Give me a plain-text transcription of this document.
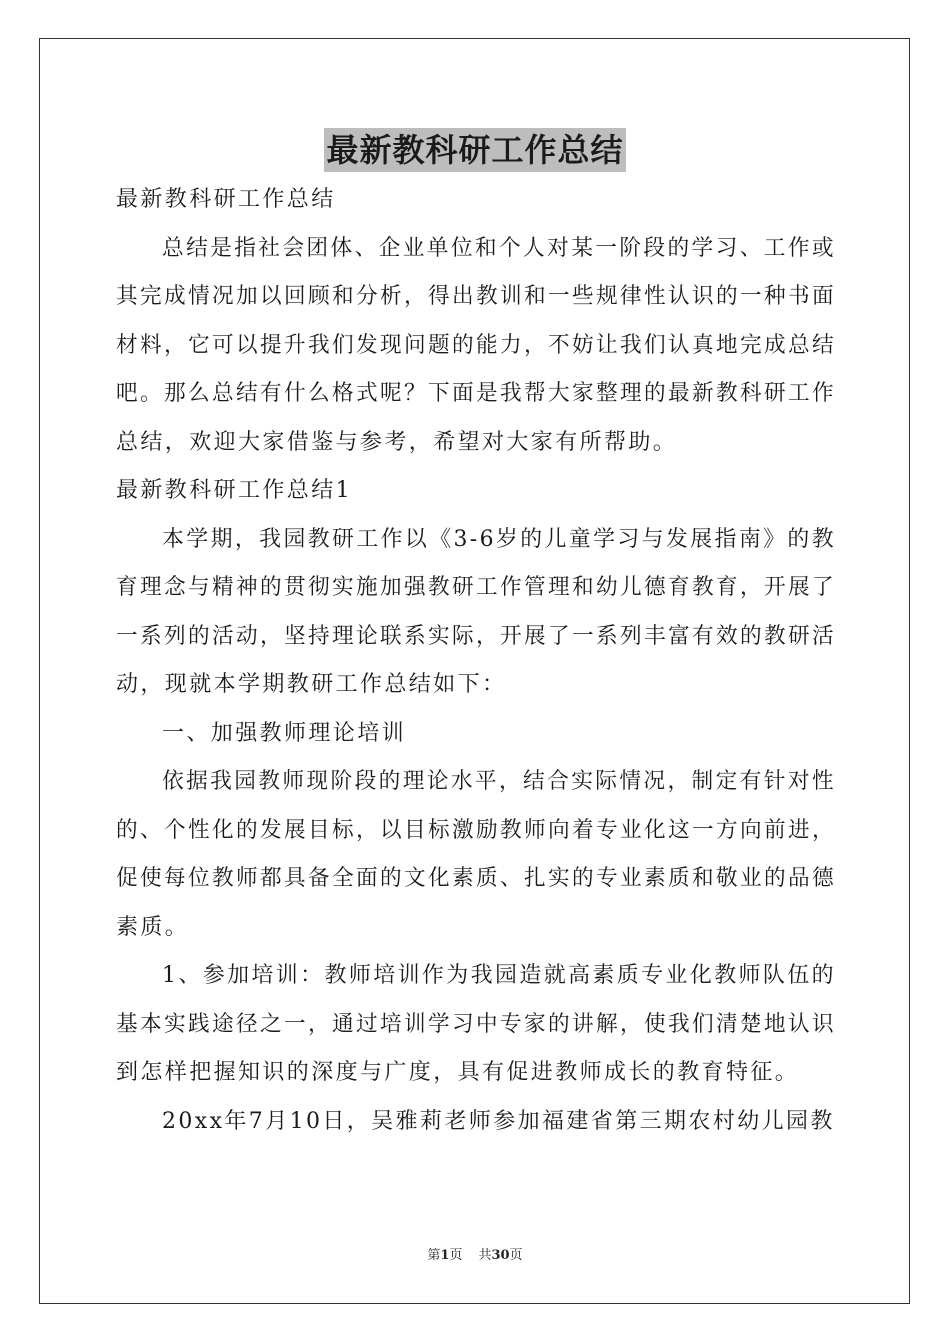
最新教科研工作总结
最新教科研工作总结
总结是指社会团体、企业单位和个人对某一阶段的学习、工作或
其完成情况加以回顾和分析，得出教训和一些规律性认识的一种书面
材料，它可以提升我们发现问题的能力，不妨让我们认真地完成总结
吧。那么总结有什么格式呢？下面是我帮大家整理的最新教科研工作
总结，欢迎大家借鉴与参考，希望对大家有所帮助。
最新教科研工作总结1
本学期，我园教研工作以《3-6岁的儿童学习与发展指南》的教
育理念与精神的贯彻实施加强教研工作管理和幼儿德育教育，开展了
一系列的活动，坚持理论联系实际，开展了一系列丰富有效的教研活
动，现就本学期教研工作总结如下：
一、加强教师理论培训
依据我园教师现阶段的理论水平，结合实际情况，制定有针对性
的、个性化的发展目标，以目标激励教师向着专业化这一方向前进，
促使每位教师都具备全面的文化素质、扎实的专业素质和敬业的品德
素质。
1、参加培训：教师培训作为我园造就高素质专业化教师队伍的
基本实践途径之一，通过培训学习中专家的讲解，使我们清楚地认识
到怎样把握知识的深度与广度，具有促进教师成长的教育特征。
20xx年7月10日，吴雅莉老师参加福建省第三期农村幼儿园教
第1页 共30页
